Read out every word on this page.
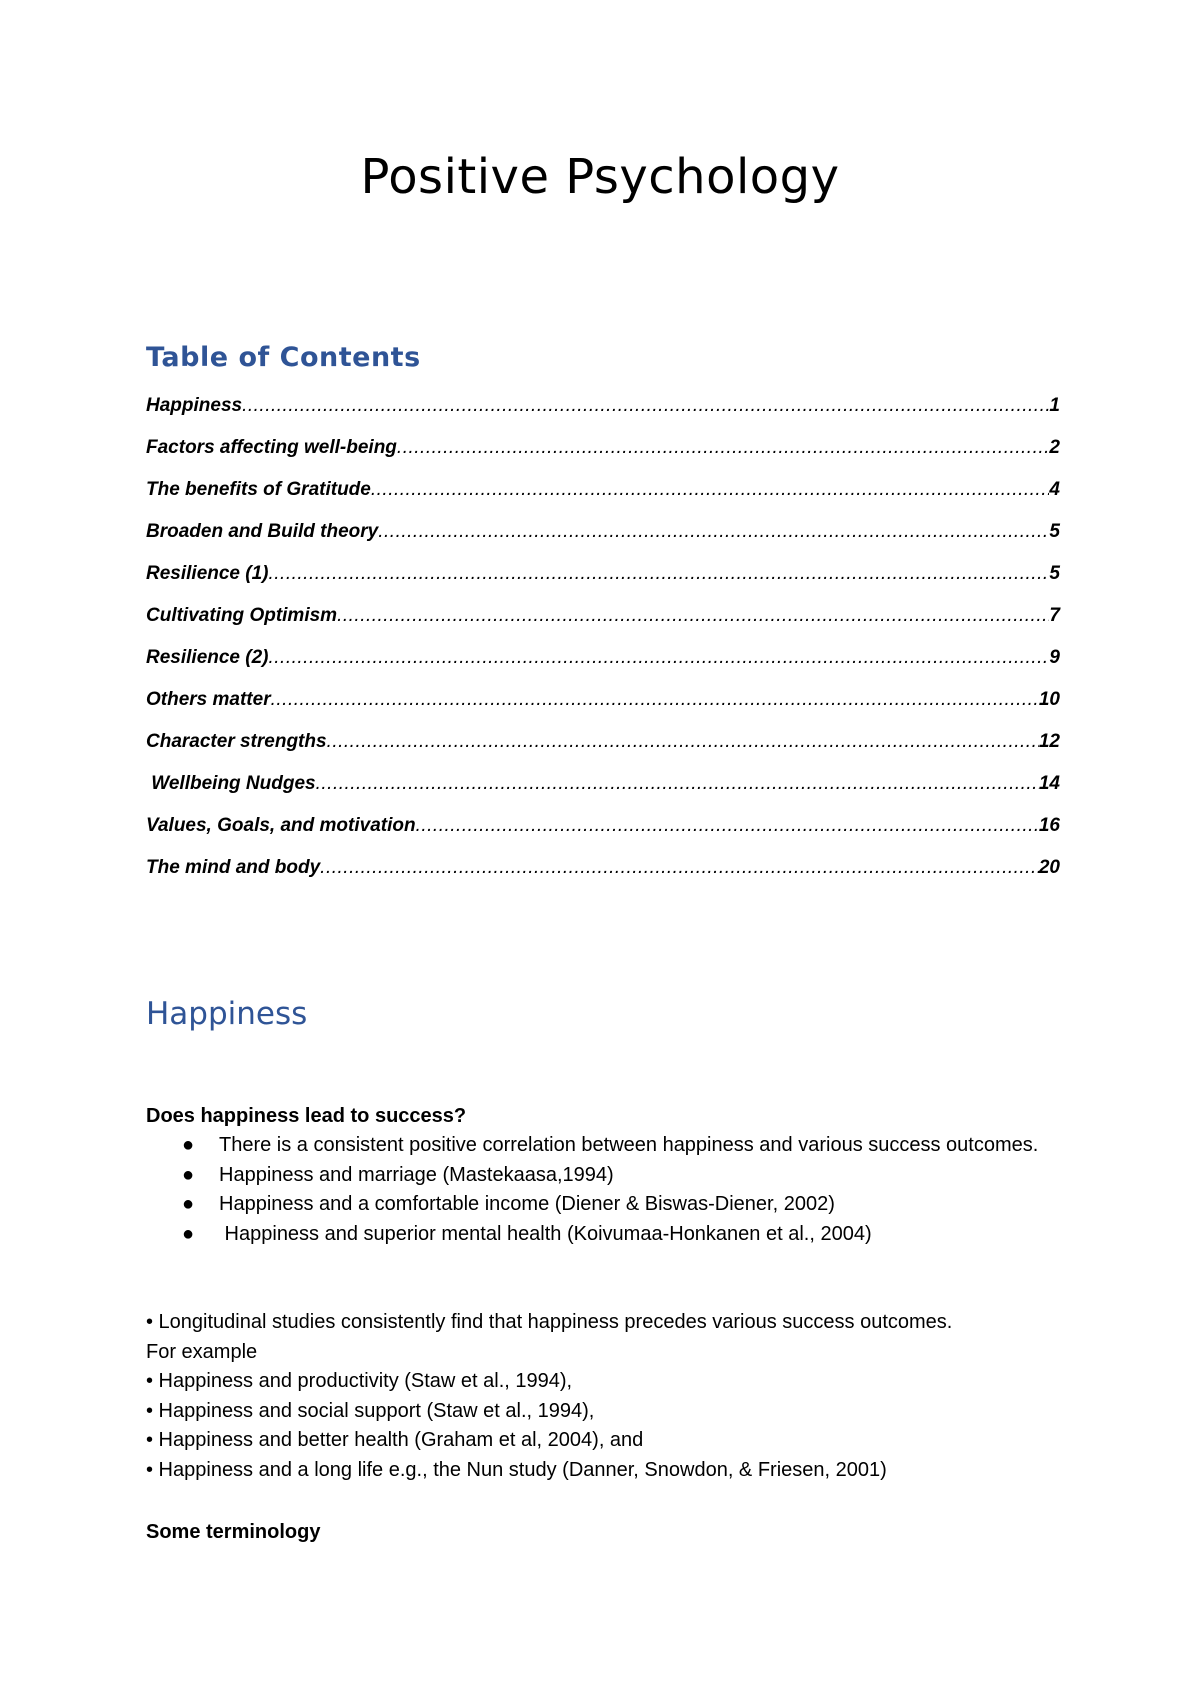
Positive Psychology
Table of Contents
Happiness .....	1
Factors affecting well-being .....	2
The benefits of Gratitude .....	4
Broaden and Build theory .....	5
Resilience (1) .....	5
Cultivating Optimism .....	7
Resilience (2) .....	9
Others matter .....	10
Character strengths .....	12
Wellbeing Nudges .....	14
Values, Goals, and motivation .....	16
The mind and body .....	20
Happiness
Does happiness lead to success?
● There is a consistent positive correlation between happiness and various success outcomes.
● Happiness and marriage (Mastekaasa,1994)
● Happiness and a comfortable income (Diener & Biswas-Diener, 2002)
● Happiness and superior mental health (Koivumaa-Honkanen et al., 2004)
• Longitudinal studies consistently find that happiness precedes various success outcomes.
For example
• Happiness and productivity (Staw et al., 1994),
• Happiness and social support (Staw et al., 1994),
• Happiness and better health (Graham et al, 2004), and
• Happiness and a long life e.g., the Nun study (Danner, Snowdon, & Friesen, 2001)
Some terminology
